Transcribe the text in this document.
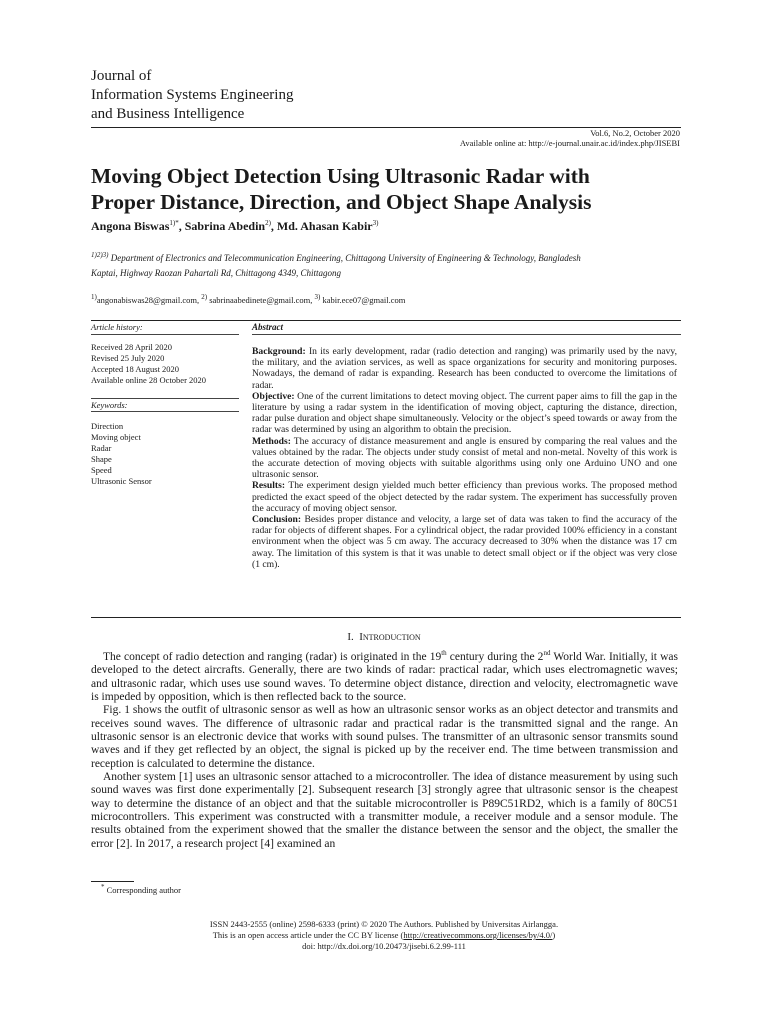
Journal of
Information Systems Engineering
and Business Intelligence
Vol.6, No.2, October 2020
Available online at: http://e-journal.unair.ac.id/index.php/JISEBI
Moving Object Detection Using Ultrasonic Radar with
Proper Distance, Direction, and Object Shape Analysis
Angona Biswas$^{1)*}$, Sabrina Abedin$^{2)}$, Md. Ahasan Kabir$^{3)}$
$^{1)2)3)}$ Department of Electronics and Telecommunication Engineering, Chittagong University of Engineering & Technology, Bangladesh
Kaptai, Highway Raozan Pahartali Rd, Chittagong 4349, Chittagong
$^{1)}$angonabiswas28@gmail.com, $^{2)}$ sabrinaabedinete@gmail.com, $^{3)}$ kabir.ece07@gmail.com
Article history:	Abstract
Received 28 April 2020
Revised 25 July 2020
Accepted 18 August 2020
Available online 28 October 2020
Keywords:
Direction
Moving object
Radar
Shape
Speed
Ultrasonic Sensor

Background: In its early development, radar (radio detection and ranging) was primarily used by the navy, the military, and the aviation services, as well as space organizations for security and monitoring purposes. Nowadays, the demand of radar is expanding. Research has been conducted to overcome the limitations of radar.

Objective: One of the current limitations to detect moving object. The current paper aims to fill the gap in the literature by using a radar system in the identification of moving object, capturing the distance, direction, radar pulse duration and object shape simultaneously. Velocity or the object’s speed towards or away from the radar was determined by using an algorithm to obtain the precision.

Methods: The accuracy of distance measurement and angle is ensured by comparing the real values and the values obtained by the radar. The objects under study consist of metal and non-metal. Novelty of this work is the accurate detection of moving objects with suitable algorithms using only one Arduino UNO and one ultrasonic sensor.

Results: The experiment design yielded much better efficiency than previous works. The proposed method predicted the exact speed of the object detected by the radar system. The experiment has successfully proven the accuracy of moving object sensor.

Conclusion: Besides proper distance and velocity, a large set of data was taken to find the accuracy of the radar for objects of different shapes. For a cylindrical object, the radar provided 100% efficiency in a constant environment when the object was 5 cm away. The accuracy decreased to 30% when the distance was 17 cm away. The limitation of this system is that it was unable to detect small object or if the object was very close (1 cm).

I. Introduction

The concept of radio detection and ranging (radar) is originated in the 19th century during the 2nd World War. Initially, it was developed to the detect aircrafts. Generally, there are two kinds of radar: practical radar, which uses electromagnetic waves; and ultrasonic radar, which uses use sound waves. To determine object distance, direction and velocity, electromagnetic wave is impeded by opposition, which is then reflected back to the source.

Fig. 1 shows the outfit of ultrasonic sensor as well as how an ultrasonic sensor works as an object detector and transmits and receives sound waves. The difference of ultrasonic radar and practical radar is the transmitted signal and the range. An ultrasonic sensor is an electronic device that works with sound pulses. The transmitter of an ultrasonic sensor transmits sound waves and if they get reflected by an object, the signal is picked up by the receiver end. The time between transmission and reception is calculated to determine the distance.

Another system [1] uses an ultrasonic sensor attached to a microcontroller. The idea of distance measurement by using such sound waves was first done experimentally [2]. Subsequent research [3] strongly agree that ultrasonic sensor is the cheapest way to determine the distance of an object and that the suitable microcontroller is P89C51RD2, which is a family of 80C51 microcontrollers. This experiment was constructed with a transmitter module, a receiver module and a sensor module. The results obtained from the experiment showed that the smaller the distance between the sensor and the object, the smaller the error [2]. In 2017, a research project [4] examined an

* Corresponding author
ISSN 2443-2555 (online) 2598-6333 (print) © 2020 The Authors. Published by Universitas Airlangga.
This is an open access article under the CC BY license (http://creativecommons.org/licenses/by/4.0/)
doi: http://dx.doi.org/10.20473/jisebi.6.2.99-111
